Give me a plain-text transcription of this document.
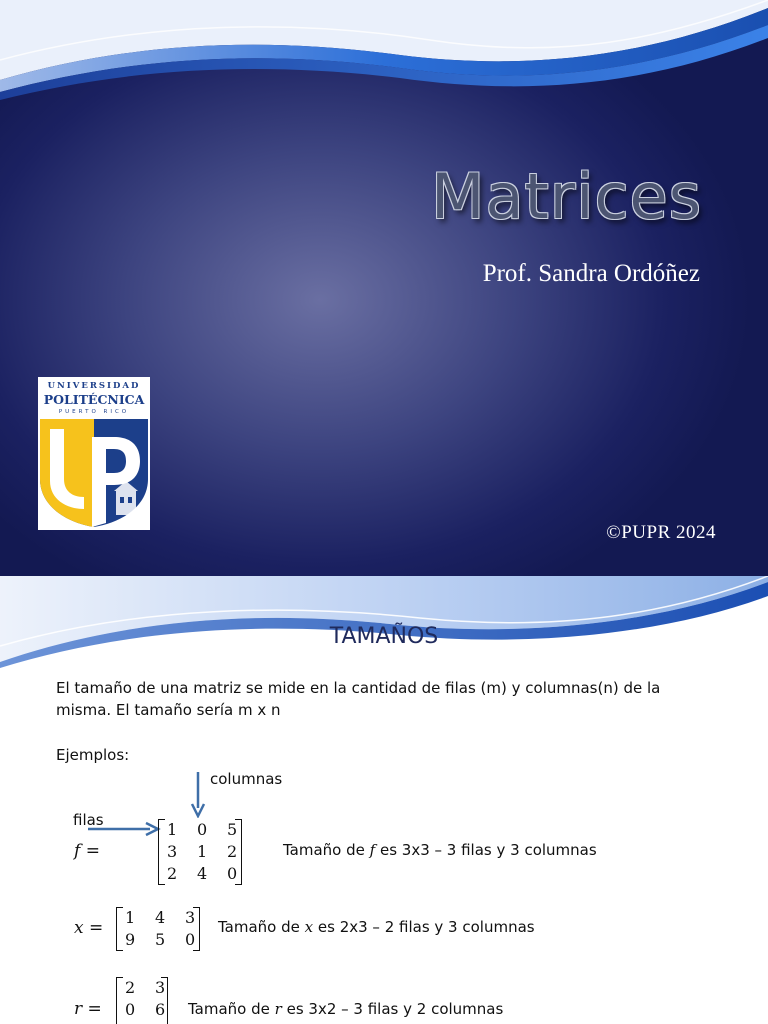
Matrices
Prof. Sandra Ordóñez
UNIVERSIDAD
POLITÉCNICA
PUERTO RICO
©PUPR 2024
TAMAÑOS
El tamaño de una matriz se mide en la cantidad de filas (m) y columnas(n) de la misma. El tamaño sería m x n
Ejemplos:
columnas
filas
f =
1	0	5
3	1	2
2	4	0
Tamaño de f es 3x3 – 3 filas y 3 columnas
x =
1	4	3
9	5	0
Tamaño de x es 2x3 – 2 filas y 3 columnas
r =
2	3
0	6 Tamaño de r es 3x2 – 3 filas y 2 columnas
